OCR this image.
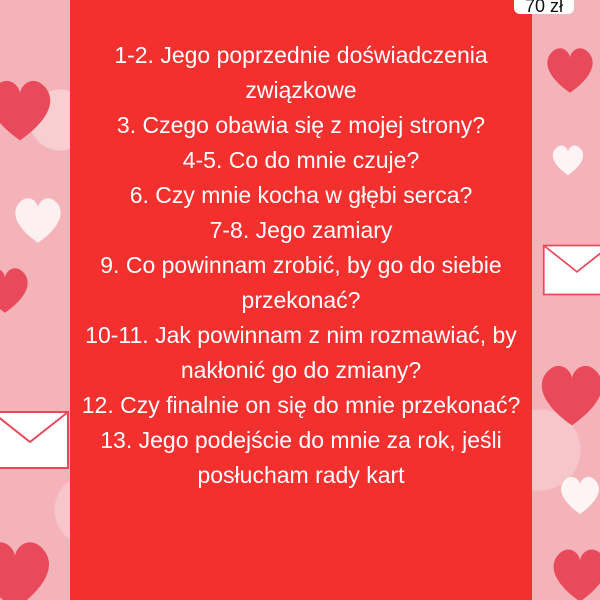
70 zł
1-2. Jego poprzednie doświadczenia związkowe
3. Czego obawia się z mojej strony?
4-5. Co do mnie czuje?
6. Czy mnie kocha w głębi serca?
7-8. Jego zamiary
9. Co powinnam zrobić, by go do siebie przekonać?
10-11. Jak powinnam z nim rozmawiać, by nakłonić go do zmiany?
12. Czy finalnie on się do mnie przekonać?
13. Jego podejście do mnie za rok, jeśli posłucham rady kart
